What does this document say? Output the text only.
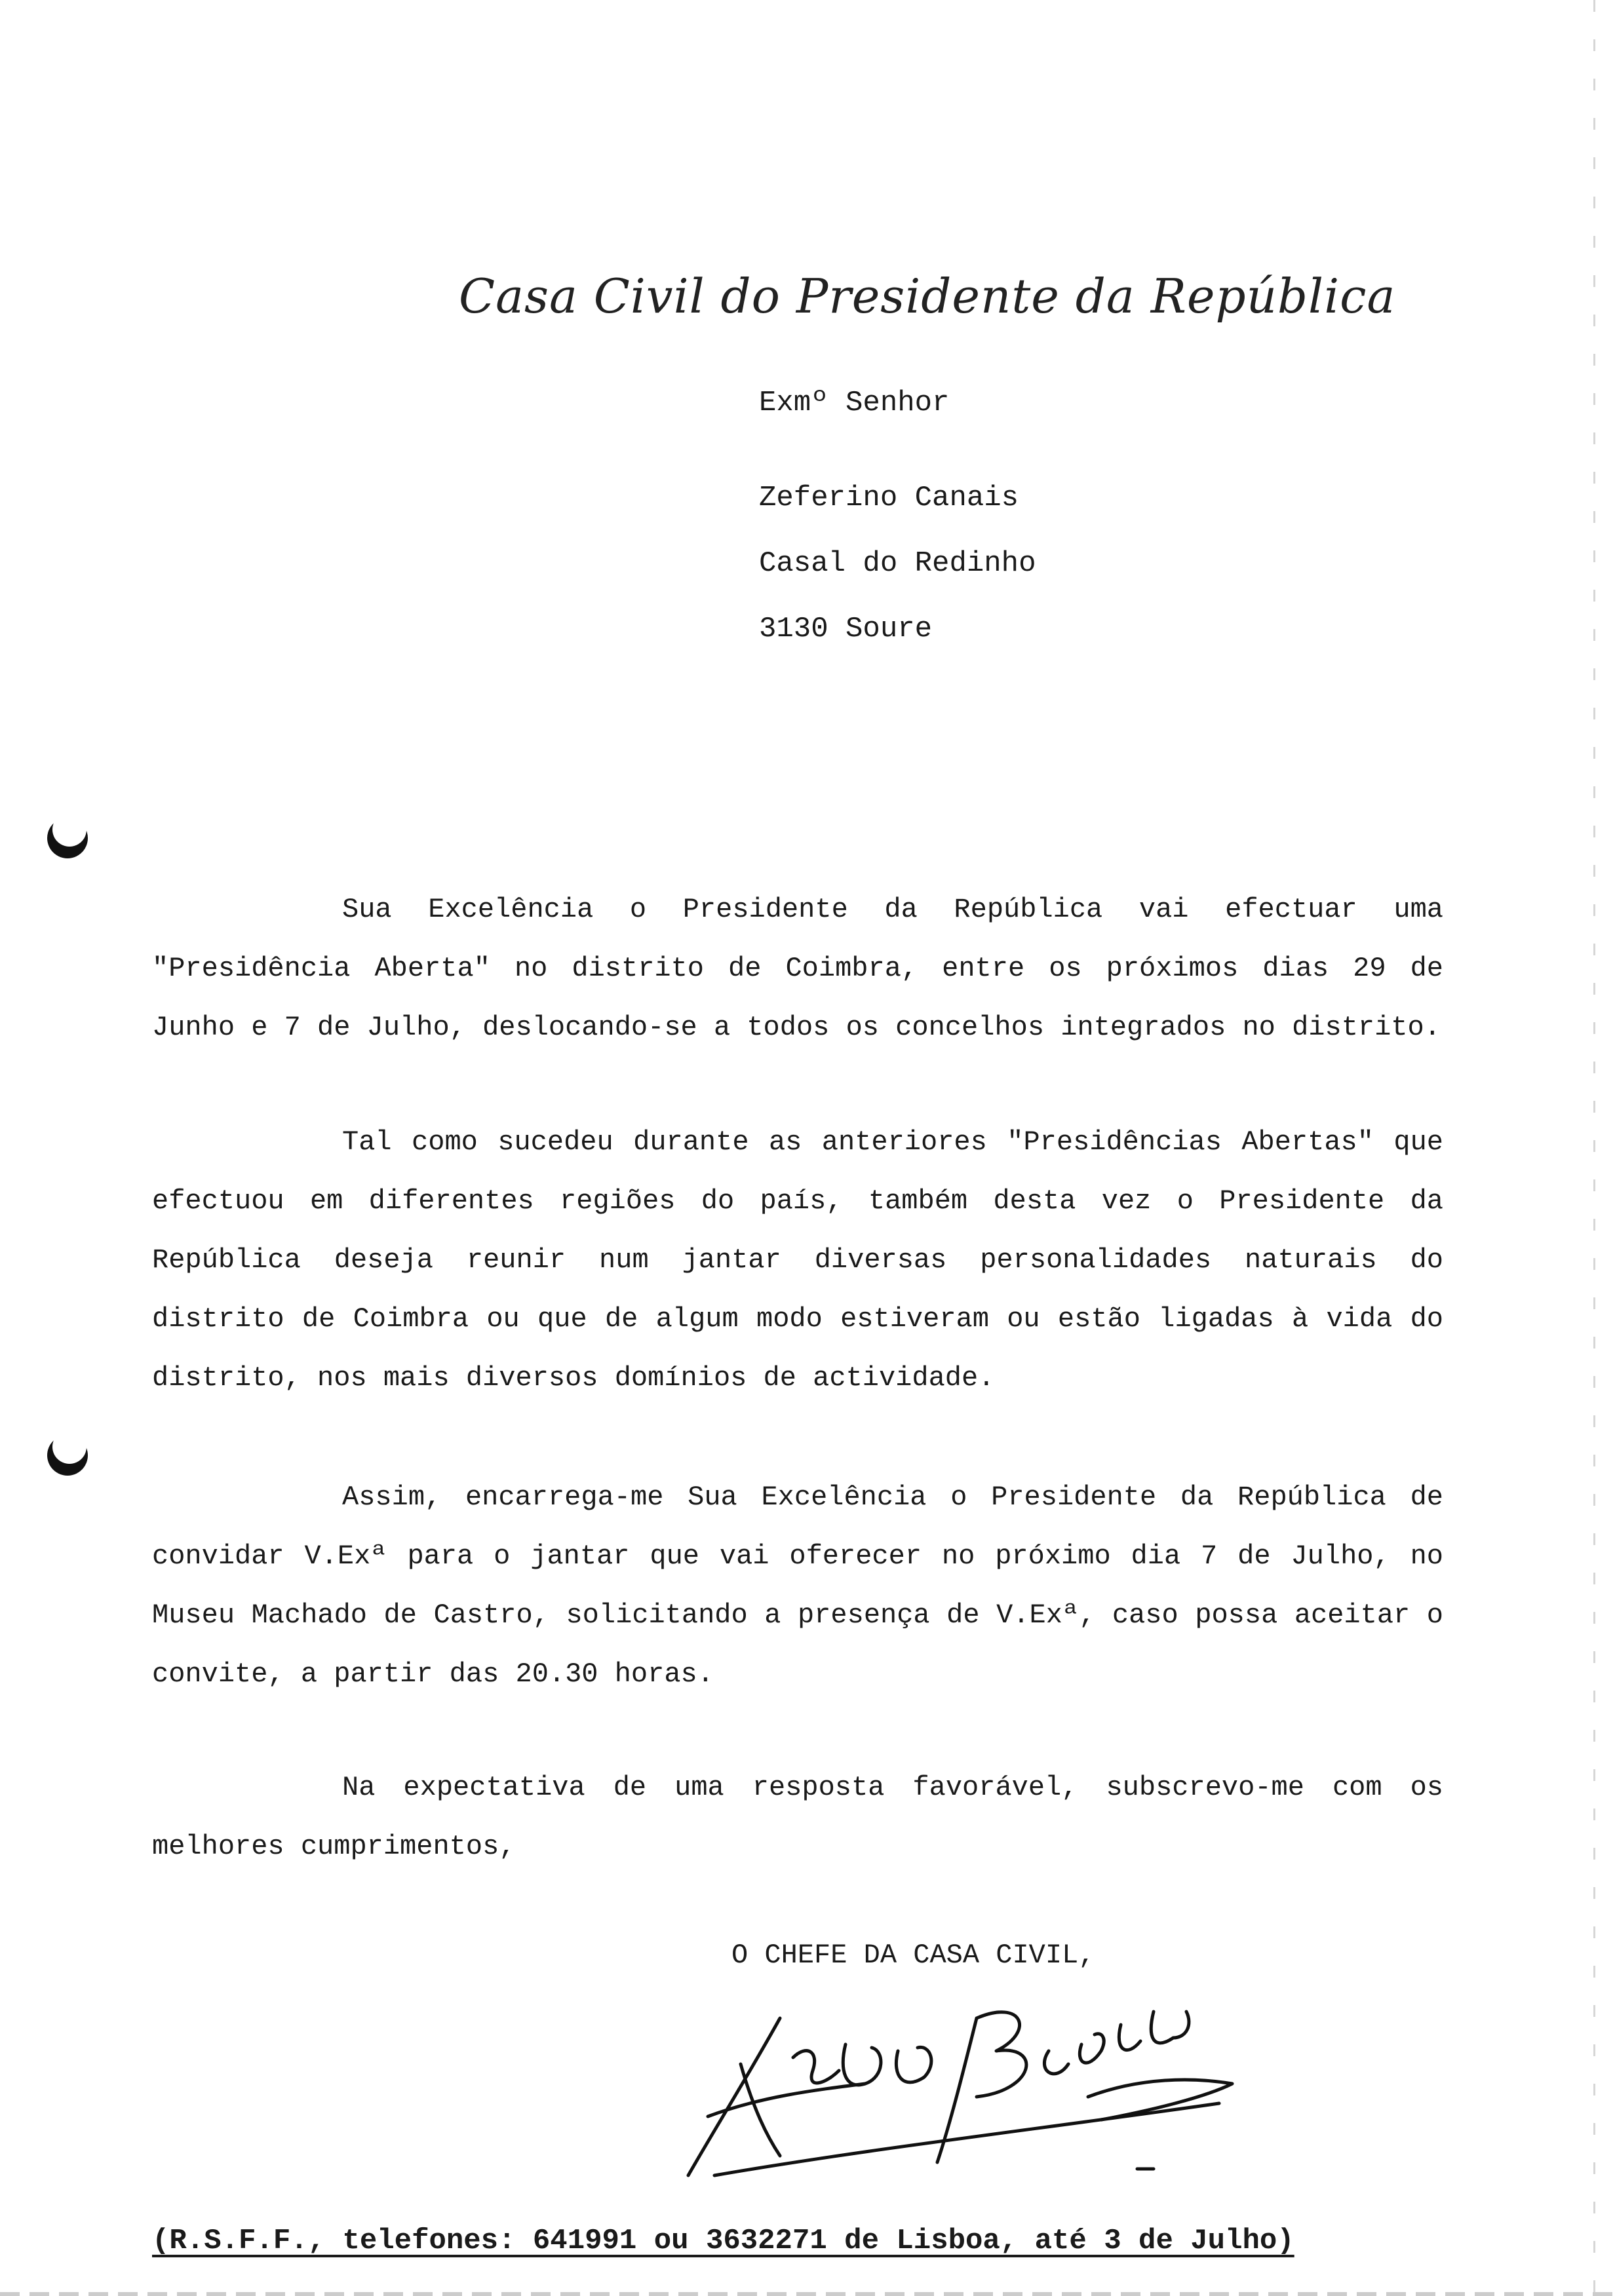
Casa Civil do Presidente da República
Exmº Senhor
Zeferino Canais
Casal do Redinho
3130 Soure

Sua Excelência o Presidente da República vai efectuar uma "Presidência Aberta" no distrito de Coimbra, entre os próximos dias 29 de Junho e 7 de Julho, deslocando-se a todos os concelhos integrados no distrito.

Tal como sucedeu durante as anteriores "Presidências Abertas" que efectuou em diferentes regiões do país, também desta vez o Presidente da República deseja reunir num jantar diversas personalidades naturais do distrito de Coimbra ou que de algum modo estiveram ou estão ligadas à vida do distrito, nos mais diversos domínios de actividade.

Assim, encarrega-me Sua Excelência o Presidente da República de convidar V.Exª para o jantar que vai oferecer no próximo dia 7 de Julho, no Museu Machado de Castro, solicitando a presença de V.Exª, caso possa aceitar o convite, a partir das 20.30 horas.

Na expectativa de uma resposta favorável, subscrevo-me com os melhores cumprimentos,

O CHEFE DA CASA CIVIL,
(R.S.F.F., telefones: 641991 ou 3632271 de Lisboa, até 3 de Julho)
